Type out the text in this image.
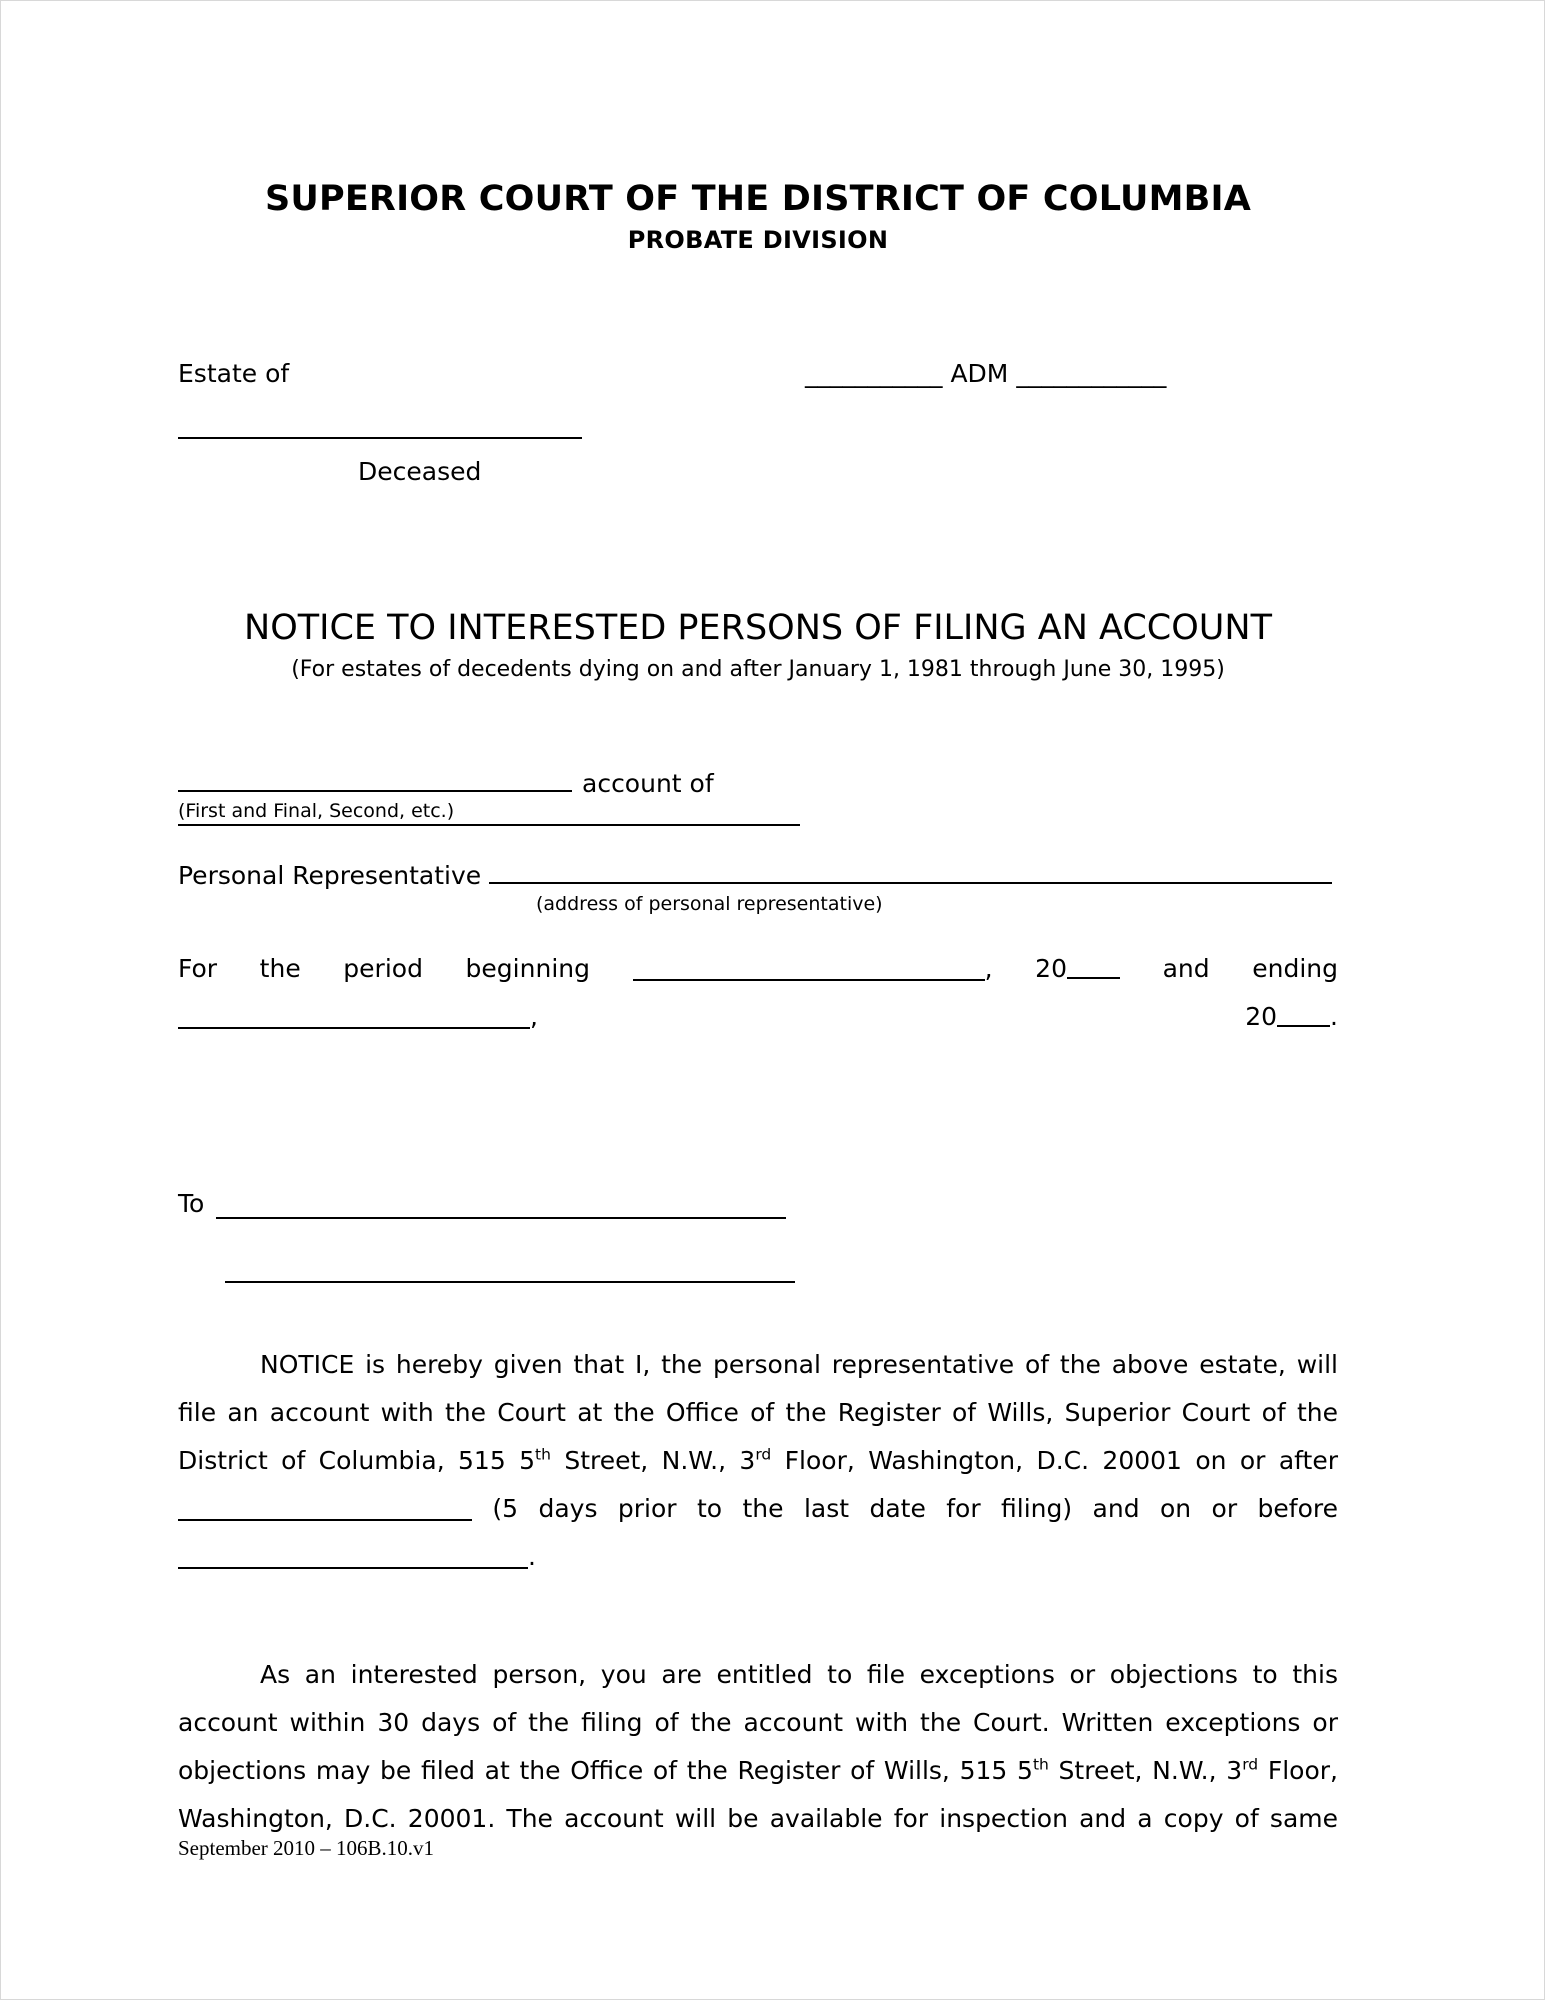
SUPERIOR COURT OF THE DISTRICT OF COLUMBIA
PROBATE DIVISION
Estate of	___________ ADM ____________
Deceased
NOTICE TO INTERESTED PERSONS OF FILING AN ACCOUNT
(For estates of decedents dying on and after January 1, 1981 through June 30, 1995)
account of
(First and Final, Second, etc.)
Personal Representative
(address of personal representative)
For the period beginning	, 20	and ending , 20 .
To
NOTICE is hereby given that I, the personal representative of the above estate, will file an account with the Court at the Office of the Register of Wills, Superior Court of the District of Columbia, 515 5th Street, N.W., 3rd Floor, Washington, D.C. 20001 on or after  (5 days prior to the last date for filing) and on or before .
As an interested person, you are entitled to file exceptions or objections to this account within 30 days of the filing of the account with the Court. Written exceptions or objections may be filed at the Office of the Register of Wills, 515 5th Street, N.W., 3rd Floor, Washington, D.C. 20001. The account will be available for inspection and a copy of same
September 2010 – 106B.10.v1
